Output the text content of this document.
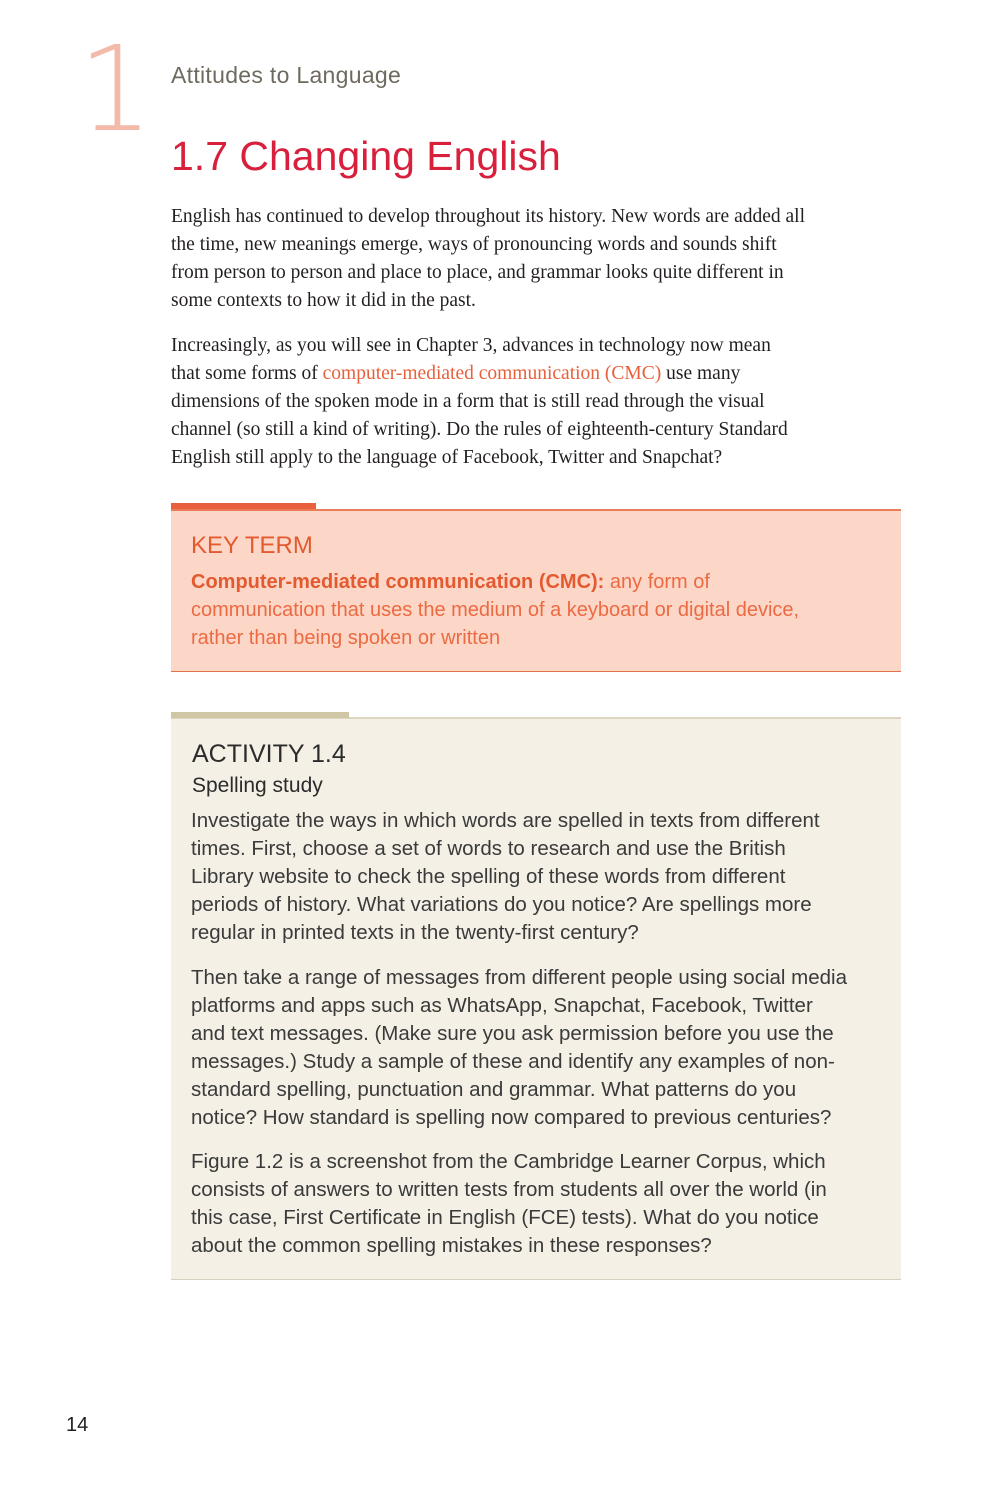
1 Attitudes to Language
1.7 Changing English
English has continued to develop throughout its history. New words are added all
the time, new meanings emerge, ways of pronouncing words and sounds shift
from person to person and place to place, and grammar looks quite different in
some contexts to how it did in the past.
Increasingly, as you will see in Chapter 3, advances in technology now mean
that some forms of computer-mediated communication (CMC) use many
dimensions of the spoken mode in a form that is still read through the visual
channel (so still a kind of writing). Do the rules of eighteenth-century Standard
English still apply to the language of Facebook, Twitter and Snapchat?
KEY TERM
Computer-mediated communication (CMC): any form of
communication that uses the medium of a keyboard or digital device,
rather than being spoken or written
ACTIVITY 1.4
Spelling study
Investigate the ways in which words are spelled in texts from different
times. First, choose a set of words to research and use the British
Library website to check the spelling of these words from different
periods of history. What variations do you notice? Are spellings more
regular in printed texts in the twenty-first century?
Then take a range of messages from different people using social media
platforms and apps such as WhatsApp, Snapchat, Facebook, Twitter
and text messages. (Make sure you ask permission before you use the
messages.) Study a sample of these and identify any examples of non-
standard spelling, punctuation and grammar. What patterns do you
notice? How standard is spelling now compared to previous centuries?
Figure 1.2 is a screenshot from the Cambridge Learner Corpus, which
consists of answers to written tests from students all over the world (in
this case, First Certificate in English (FCE) tests). What do you notice
about the common spelling mistakes in these responses?
14
